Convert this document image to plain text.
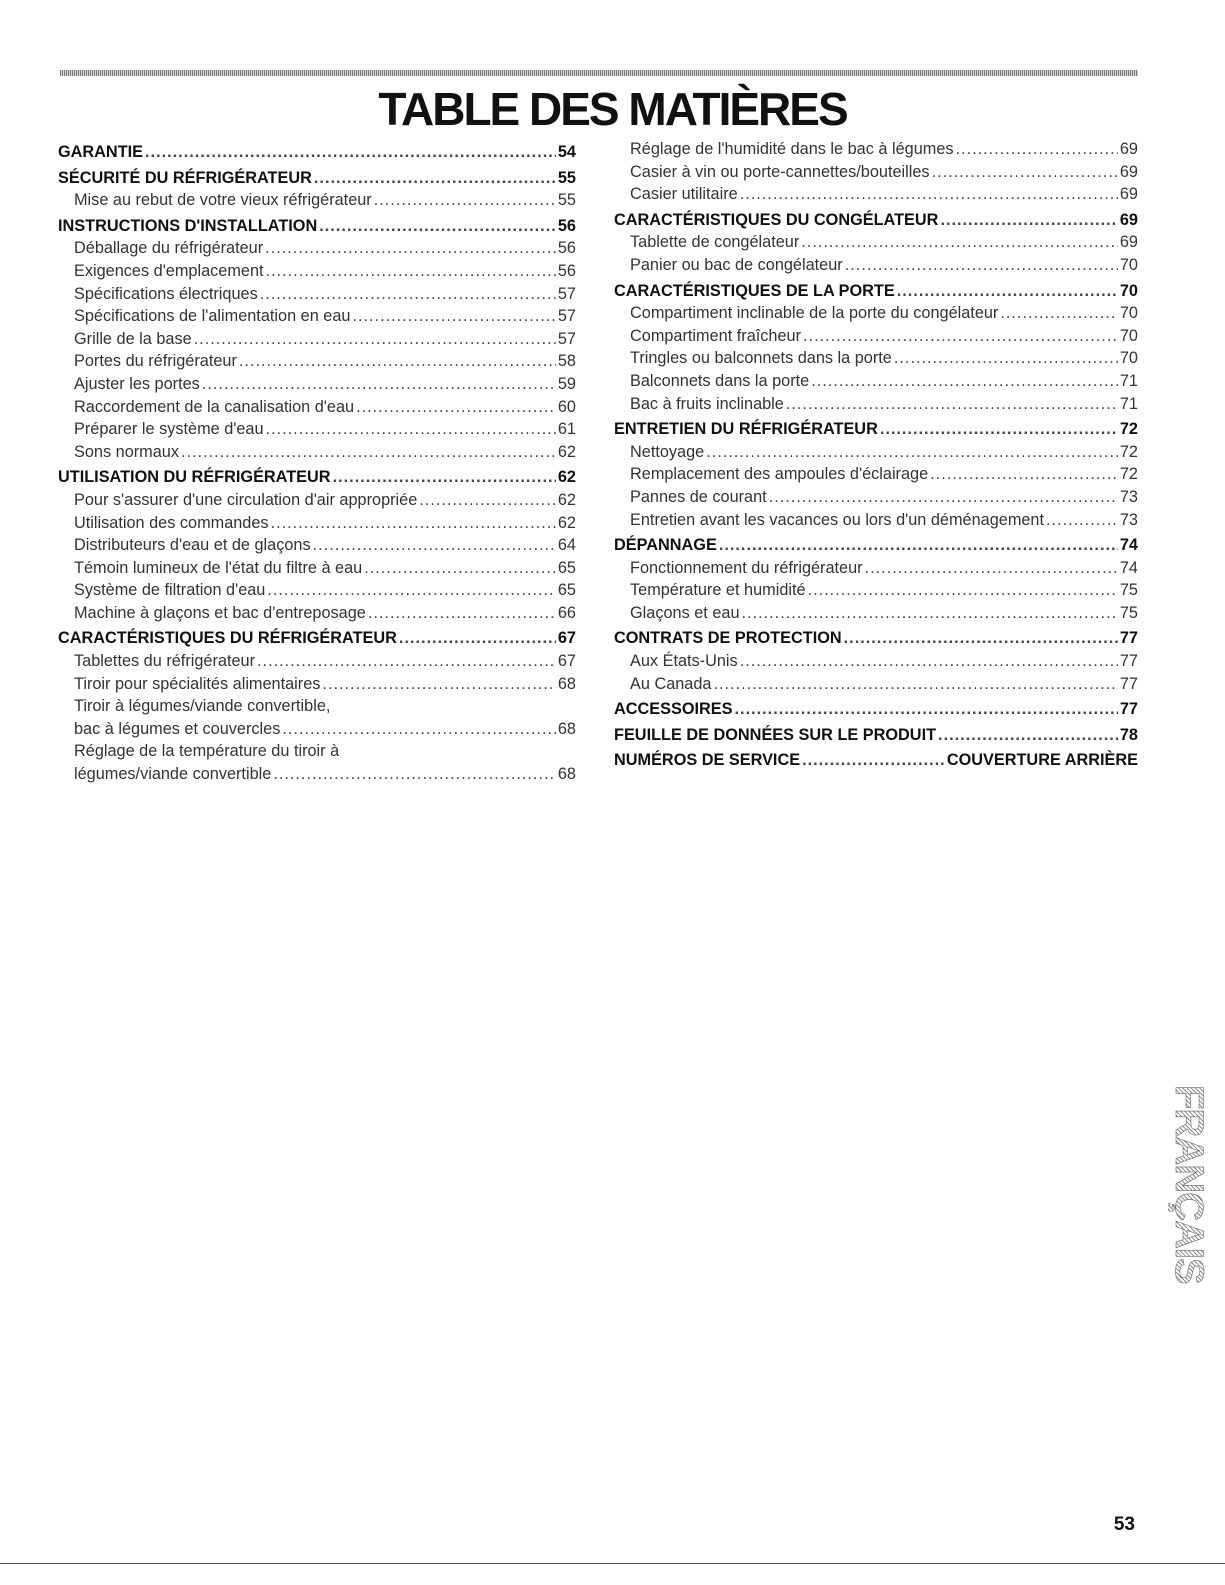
TABLE DES MATIÈRES
GARANTIE .....	54
SÉCURITÉ DU RÉFRIGÉRATEUR .....	55
Mise au rebut de votre vieux réfrigérateur .....	55
INSTRUCTIONS D'INSTALLATION .....	56
Déballage du réfrigérateur .....	56
Exigences d'emplacement .....	56
Spécifications électriques .....	57
Spécifications de l'alimentation en eau .....	57
Grille de la base .....	57
Portes du réfrigérateur .....	58
Ajuster les portes .....	59
Raccordement de la canalisation d'eau .....	60
Préparer le système d'eau .....	61
Sons normaux .....	62
UTILISATION DU RÉFRIGÉRATEUR .....	62
Pour s'assurer d'une circulation d'air appropriée .....	62
Utilisation des commandes .....	62
Distributeurs d'eau et de glaçons .....	64
Témoin lumineux de l'état du filtre à eau .....	65
Système de filtration d'eau .....	65
Machine à glaçons et bac d'entreposage .....	66
CARACTÉRISTIQUES DU RÉFRIGÉRATEUR .....	67
Tablettes du réfrigérateur .....	67
Tiroir pour spécialités alimentaires .....	68
Tiroir à légumes/viande convertible,
bac à légumes et couvercles .....	68
Réglage de la température du tiroir à
légumes/viande convertible .....	68
Réglage de l'humidité dans le bac à légumes .....	69
Casier à vin ou porte-cannettes/bouteilles .....	69
Casier utilitaire .....	69
CARACTÉRISTIQUES DU CONGÉLATEUR .....	69
Tablette de congélateur .....	69
Panier ou bac de congélateur .....	70
CARACTÉRISTIQUES DE LA PORTE .....	70
Compartiment inclinable de la porte du congélateur .....	70
Compartiment fraîcheur .....	70
Tringles ou balconnets dans la porte .....	70
Balconnets dans la porte .....	71
Bac à fruits inclinable .....	71
ENTRETIEN DU RÉFRIGÉRATEUR .....	72
Nettoyage .....	72
Remplacement des ampoules d'éclairage .....	72
Pannes de courant .....	73
Entretien avant les vacances ou lors d'un déménagement .....	73
DÉPANNAGE .....	74
Fonctionnement du réfrigérateur .....	74
Température et humidité .....	75
Glaçons et eau .....	75
CONTRATS DE PROTECTION .....	77
Aux États-Unis .....	77
Au Canada .....	77
ACCESSOIRES .....	77
FEUILLE DE DONNÉES SUR LE PRODUIT .....	78
NUMÉROS DE SERVICE .....	COUVERTURE ARRIÈRE
FRANÇAIS
53
